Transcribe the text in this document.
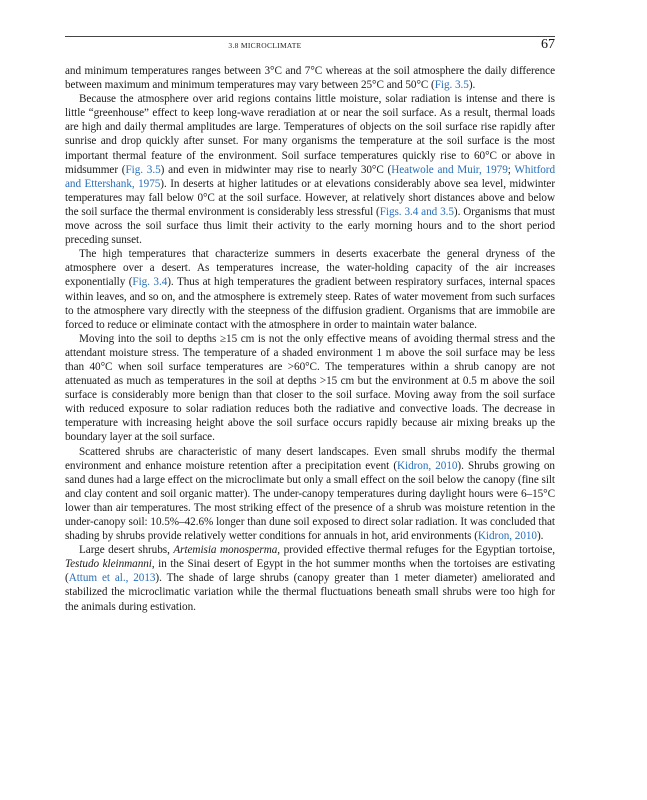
3.8 MICROCLIMATE	67

and minimum temperatures ranges between 3°C and 7°C whereas at the soil atmosphere the daily difference between maximum and minimum temperatures may vary between 25°C and 50°C (Fig. 3.5).

Because the atmosphere over arid regions contains little moisture, solar radiation is intense and there is little “greenhouse” effect to keep long-wave reradiation at or near the soil surface. As a result, thermal loads are high and daily thermal amplitudes are large. Temperatures of objects on the soil surface rise rapidly after sunrise and drop quickly after sunset. For many organisms the temperature at the soil surface is the most important thermal feature of the environment. Soil surface temperatures quickly rise to 60°C or above in midsummer (Fig. 3.5) and even in midwinter may rise to nearly 30°C (Heatwole and Muir, 1979; Whitford and Ettershank, 1975). In deserts at higher latitudes or at elevations considerably above sea level, midwinter temperatures may fall below 0°C at the soil surface. However, at relatively short distances above and below the soil surface the thermal environment is considerably less stressful (Figs. 3.4 and 3.5). Organisms that must move across the soil surface thus limit their activity to the early morning hours and to the short period preceding sunset.

The high temperatures that characterize summers in deserts exacerbate the general dryness of the atmosphere over a desert. As temperatures increase, the water-holding capacity of the air increases exponentially (Fig. 3.4). Thus at high temperatures the gradient between respiratory surfaces, internal spaces within leaves, and so on, and the atmosphere is extremely steep. Rates of water movement from such surfaces to the atmosphere vary directly with the steepness of the diffusion gradient. Organisms that are immobile are forced to reduce or eliminate contact with the atmosphere in order to maintain water balance.

Moving into the soil to depths ≥15 cm is not the only effective means of avoiding thermal stress and the attendant moisture stress. The temperature of a shaded environment 1 m above the soil surface may be less than 40°C when soil surface temperatures are >60°C. The temperatures within a shrub canopy are not attenuated as much as temperatures in the soil at depths >15 cm but the environment at 0.5 m above the soil surface is considerably more benign than that closer to the soil surface. Moving away from the soil surface with reduced exposure to solar radiation reduces both the radiative and convective loads. The decrease in temperature with increasing height above the soil surface occurs rapidly because air mixing breaks up the boundary layer at the soil surface.

Scattered shrubs are characteristic of many desert landscapes. Even small shrubs modify the thermal environment and enhance moisture retention after a precipitation event (Kidron, 2010). Shrubs growing on sand dunes had a large effect on the microclimate but only a small effect on the soil below the canopy (fine silt and clay content and soil organic matter). The under-canopy temperatures during daylight hours were 6–15°C lower than air temperatures. The most striking effect of the presence of a shrub was moisture retention in the under-canopy soil: 10.5%–42.6% longer than dune soil exposed to direct solar radiation. It was concluded that shading by shrubs provide relatively wetter conditions for annuals in hot, arid environments (Kidron, 2010).

Large desert shrubs, Artemisia monosperma, provided effective thermal refuges for the Egyptian tortoise, Testudo kleinmanni, in the Sinai desert of Egypt in the hot summer months when the tortoises are estivating (Attum et al., 2013). The shade of large shrubs (canopy greater than 1 meter diameter) ameliorated and stabilized the microclimatic variation while the thermal fluctuations beneath small shrubs were too high for the animals during estivation.
